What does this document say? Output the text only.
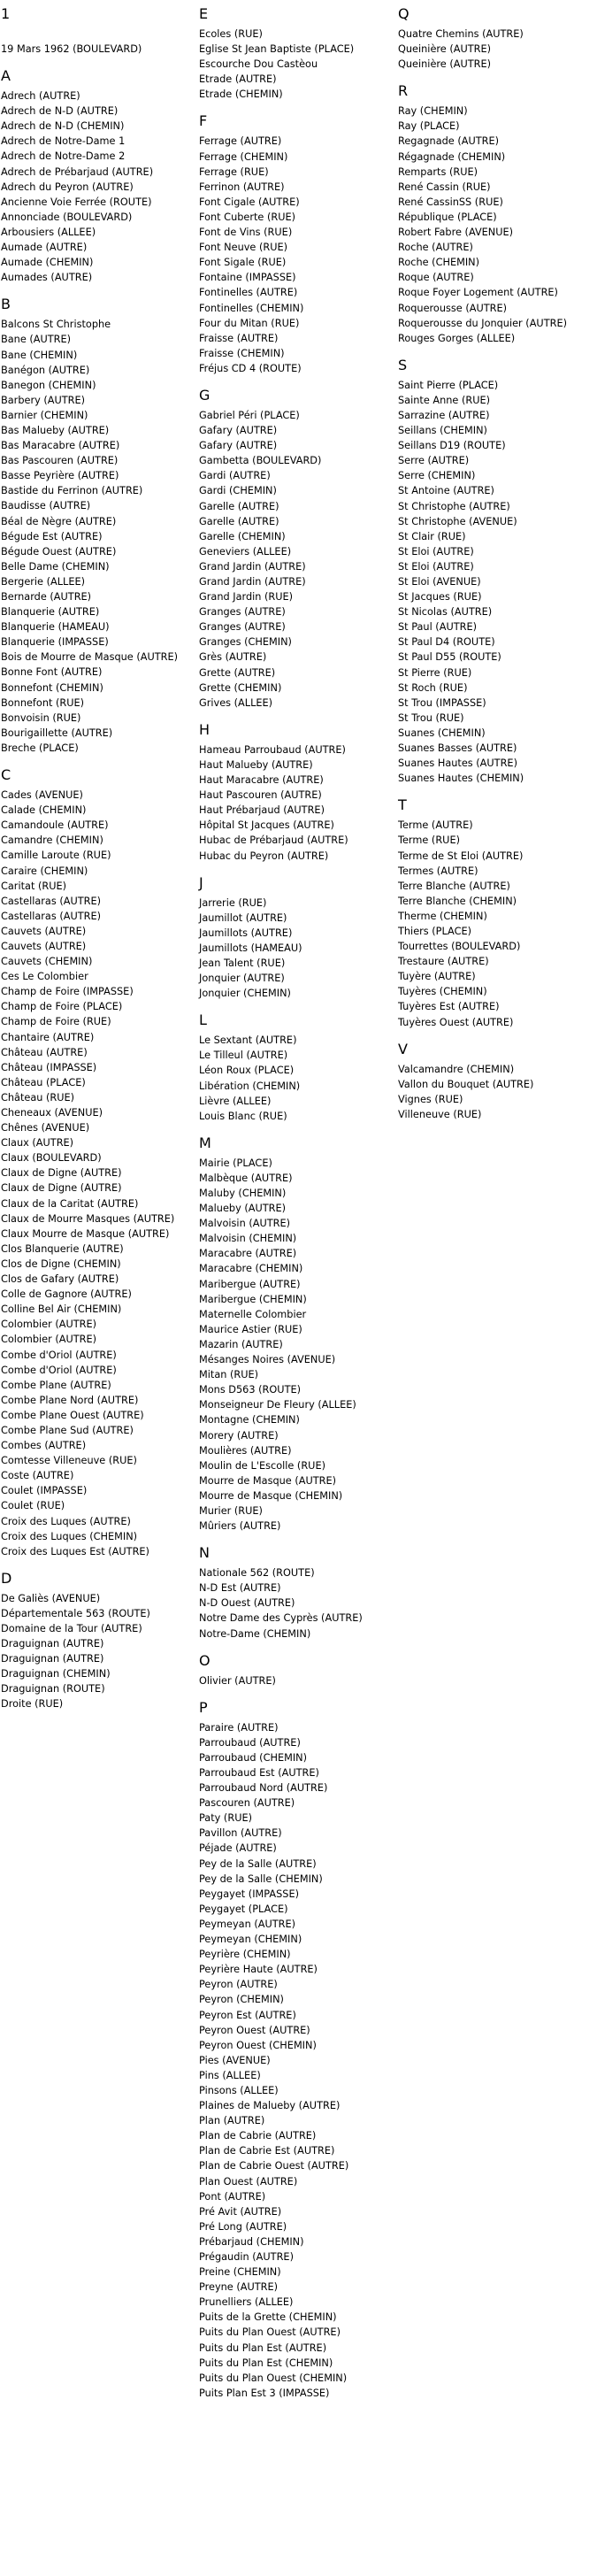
1
19 Mars 1962 (BOULEVARD)
A
Adrech (AUTRE)
Adrech de N-D (AUTRE)
Adrech de N-D (CHEMIN)
Adrech de Notre-Dame 1
Adrech de Notre-Dame 2
Adrech de Prébarjaud (AUTRE)
Adrech du Peyron (AUTRE)
Ancienne Voie Ferrée (ROUTE)
Annonciade (BOULEVARD)
Arbousiers (ALLEE)
Aumade (AUTRE)
Aumade (CHEMIN)
Aumades (AUTRE)
B
Balcons St Christophe
Bane (AUTRE)
Bane (CHEMIN)
Banégon (AUTRE)
Banegon (CHEMIN)
Barbery (AUTRE)
Barnier (CHEMIN)
Bas Malueby (AUTRE)
Bas Maracabre (AUTRE)
Bas Pascouren (AUTRE)
Basse Peyrière (AUTRE)
Bastide du Ferrinon (AUTRE)
Baudisse (AUTRE)
Béal de Nègre (AUTRE)
Bégude Est (AUTRE)
Bégude Ouest (AUTRE)
Belle Dame (CHEMIN)
Bergerie (ALLEE)
Bernarde (AUTRE)
Blanquerie (AUTRE)
Blanquerie (HAMEAU)
Blanquerie (IMPASSE)
Bois de Mourre de Masque (AUTRE)
Bonne Font (AUTRE)
Bonnefont (CHEMIN)
Bonnefont (RUE)
Bonvoisin (RUE)
Bourigaillette (AUTRE)
Breche (PLACE)
C
Cades (AVENUE)
Calade (CHEMIN)
Camandoule (AUTRE)
Camandre (CHEMIN)
Camille Laroute (RUE)
Caraire (CHEMIN)
Caritat (RUE)
Castellaras (AUTRE)
Castellaras (AUTRE)
Cauvets (AUTRE)
Cauvets (AUTRE)
Cauvets (CHEMIN)
Ces Le Colombier
Champ de Foire (IMPASSE)
Champ de Foire (PLACE)
Champ de Foire (RUE)
Chantaire (AUTRE)
Château (AUTRE)
Château (IMPASSE)
Château (PLACE)
Château (RUE)
Cheneaux (AVENUE)
Chênes (AVENUE)
Claux (AUTRE)
Claux (BOULEVARD)
Claux de Digne (AUTRE)
Claux de Digne (AUTRE)
Claux de la Caritat (AUTRE)
Claux de Mourre Masques (AUTRE)
Claux Mourre de Masque (AUTRE)
Clos Blanquerie (AUTRE)
Clos de Digne (CHEMIN)
Clos de Gafary (AUTRE)
Colle de Gagnore (AUTRE)
Colline Bel Air (CHEMIN)
Colombier (AUTRE)
Colombier (AUTRE)
Combe d'Oriol (AUTRE)
Combe d'Oriol (AUTRE)
Combe Plane (AUTRE)
Combe Plane Nord (AUTRE)
Combe Plane Ouest (AUTRE)
Combe Plane Sud (AUTRE)
Combes (AUTRE)
Comtesse Villeneuve (RUE)
Coste (AUTRE)
Coulet (IMPASSE)
Coulet (RUE)
Croix des Luques (AUTRE)
Croix des Luques (CHEMIN)
Croix des Luques Est (AUTRE)
D
De Galiès (AVENUE)
Départementale 563 (ROUTE)
Domaine de la Tour (AUTRE)
Draguignan (AUTRE)
Draguignan (AUTRE)
Draguignan (CHEMIN)
Draguignan (ROUTE)
Droite (RUE)
E
Ecoles (RUE)
Eglise St Jean Baptiste (PLACE)
Escourche Dou Castèou
Etrade (AUTRE)
Etrade (CHEMIN)
F
Ferrage (AUTRE)
Ferrage (CHEMIN)
Ferrage (RUE)
Ferrinon (AUTRE)
Font Cigale (AUTRE)
Font Cuberte (RUE)
Font de Vins (RUE)
Font Neuve (RUE)
Font Sigale (RUE)
Fontaine (IMPASSE)
Fontinelles (AUTRE)
Fontinelles (CHEMIN)
Four du Mitan (RUE)
Fraisse (AUTRE)
Fraisse (CHEMIN)
Fréjus CD 4 (ROUTE)
G
Gabriel Péri (PLACE)
Gafary (AUTRE)
Gafary (AUTRE)
Gambetta (BOULEVARD)
Gardi (AUTRE)
Gardi (CHEMIN)
Garelle (AUTRE)
Garelle (AUTRE)
Garelle (CHEMIN)
Geneviers (ALLEE)
Grand Jardin (AUTRE)
Grand Jardin (AUTRE)
Grand Jardin (RUE)
Granges (AUTRE)
Granges (AUTRE)
Granges (CHEMIN)
Grès (AUTRE)
Grette (AUTRE)
Grette (CHEMIN)
Grives (ALLEE)
H
Hameau Parroubaud (AUTRE)
Haut Malueby (AUTRE)
Haut Maracabre (AUTRE)
Haut Pascouren (AUTRE)
Haut Prébarjaud (AUTRE)
Hôpital St Jacques (AUTRE)
Hubac de Prébarjaud (AUTRE)
Hubac du Peyron (AUTRE)
J
Jarrerie (RUE)
Jaumillot (AUTRE)
Jaumillots (AUTRE)
Jaumillots (HAMEAU)
Jean Talent (RUE)
Jonquier (AUTRE)
Jonquier (CHEMIN)
L
Le Sextant (AUTRE)
Le Tilleul (AUTRE)
Léon Roux (PLACE)
Libération (CHEMIN)
Lièvre (ALLEE)
Louis Blanc (RUE)
M
Mairie (PLACE)
Malbèque (AUTRE)
Maluby (CHEMIN)
Malueby (AUTRE)
Malvoisin (AUTRE)
Malvoisin (CHEMIN)
Maracabre (AUTRE)
Maracabre (CHEMIN)
Maribergue (AUTRE)
Maribergue (CHEMIN)
Maternelle Colombier
Maurice Astier (RUE)
Mazarin (AUTRE)
Mésanges Noires (AVENUE)
Mitan (RUE)
Mons D563 (ROUTE)
Monseigneur De Fleury (ALLEE)
Montagne (CHEMIN)
Morery (AUTRE)
Moulières (AUTRE)
Moulin de L'Escolle (RUE)
Mourre de Masque (AUTRE)
Mourre de Masque (CHEMIN)
Murier (RUE)
Mûriers (AUTRE)
N
Nationale 562 (ROUTE)
N-D Est (AUTRE)
N-D Ouest (AUTRE)
Notre Dame des Cyprès (AUTRE)
Notre-Dame (CHEMIN)
O
Olivier (AUTRE)
P
Paraire (AUTRE)
Parroubaud (AUTRE)
Parroubaud (CHEMIN)
Parroubaud Est (AUTRE)
Parroubaud Nord (AUTRE)
Pascouren (AUTRE)
Paty (RUE)
Pavillon (AUTRE)
Péjade (AUTRE)
Pey de la Salle (AUTRE)
Pey de la Salle (CHEMIN)
Peygayet (IMPASSE)
Peygayet (PLACE)
Peymeyan (AUTRE)
Peymeyan (CHEMIN)
Peyrière (CHEMIN)
Peyrière Haute (AUTRE)
Peyron (AUTRE)
Peyron (CHEMIN)
Peyron Est (AUTRE)
Peyron Ouest (AUTRE)
Peyron Ouest (CHEMIN)
Pies (AVENUE)
Pins (ALLEE)
Pinsons (ALLEE)
Plaines de Malueby (AUTRE)
Plan (AUTRE)
Plan de Cabrie (AUTRE)
Plan de Cabrie Est (AUTRE)
Plan de Cabrie Ouest (AUTRE)
Plan Ouest (AUTRE)
Pont (AUTRE)
Pré Avit (AUTRE)
Pré Long (AUTRE)
Prébarjaud (CHEMIN)
Prégaudin (AUTRE)
Preine (CHEMIN)
Preyne (AUTRE)
Prunelliers (ALLEE)
Puits de la Grette (CHEMIN)
Puits du Plan Ouest (AUTRE)
Puits du Plan Est (AUTRE)
Puits du Plan Est (CHEMIN)
Puits du Plan Ouest (CHEMIN)
Puits Plan Est 3 (IMPASSE)
Q
Quatre Chemins (AUTRE)
Queinière (AUTRE)
Queinière (AUTRE)
R
Ray (CHEMIN)
Ray (PLACE)
Regagnade (AUTRE)
Régagnade (CHEMIN)
Remparts (RUE)
René Cassin (RUE)
René CassinSS (RUE)
République (PLACE)
Robert Fabre (AVENUE)
Roche (AUTRE)
Roche (CHEMIN)
Roque (AUTRE)
Roque Foyer Logement (AUTRE)
Roquerousse (AUTRE)
Roquerousse du Jonquier (AUTRE)
Rouges Gorges (ALLEE)
S
Saint Pierre (PLACE)
Sainte Anne (RUE)
Sarrazine (AUTRE)
Seillans (CHEMIN)
Seillans D19 (ROUTE)
Serre (AUTRE)
Serre (CHEMIN)
St Antoine (AUTRE)
St Christophe (AUTRE)
St Christophe (AVENUE)
St Clair (RUE)
St Eloi (AUTRE)
St Eloi (AUTRE)
St Eloi (AVENUE)
St Jacques (RUE)
St Nicolas (AUTRE)
St Paul (AUTRE)
St Paul D4 (ROUTE)
St Paul D55 (ROUTE)
St Pierre (RUE)
St Roch (RUE)
St Trou (IMPASSE)
St Trou (RUE)
Suanes (CHEMIN)
Suanes Basses (AUTRE)
Suanes Hautes (AUTRE)
Suanes Hautes (CHEMIN)
T
Terme (AUTRE)
Terme (RUE)
Terme de St Eloi (AUTRE)
Termes (AUTRE)
Terre Blanche (AUTRE)
Terre Blanche (CHEMIN)
Therme (CHEMIN)
Thiers (PLACE)
Tourrettes (BOULEVARD)
Trestaure (AUTRE)
Tuyère (AUTRE)
Tuyères (CHEMIN)
Tuyères Est (AUTRE)
Tuyères Ouest (AUTRE)
V
Valcamandre (CHEMIN)
Vallon du Bouquet (AUTRE)
Vignes (RUE)
Villeneuve (RUE)
